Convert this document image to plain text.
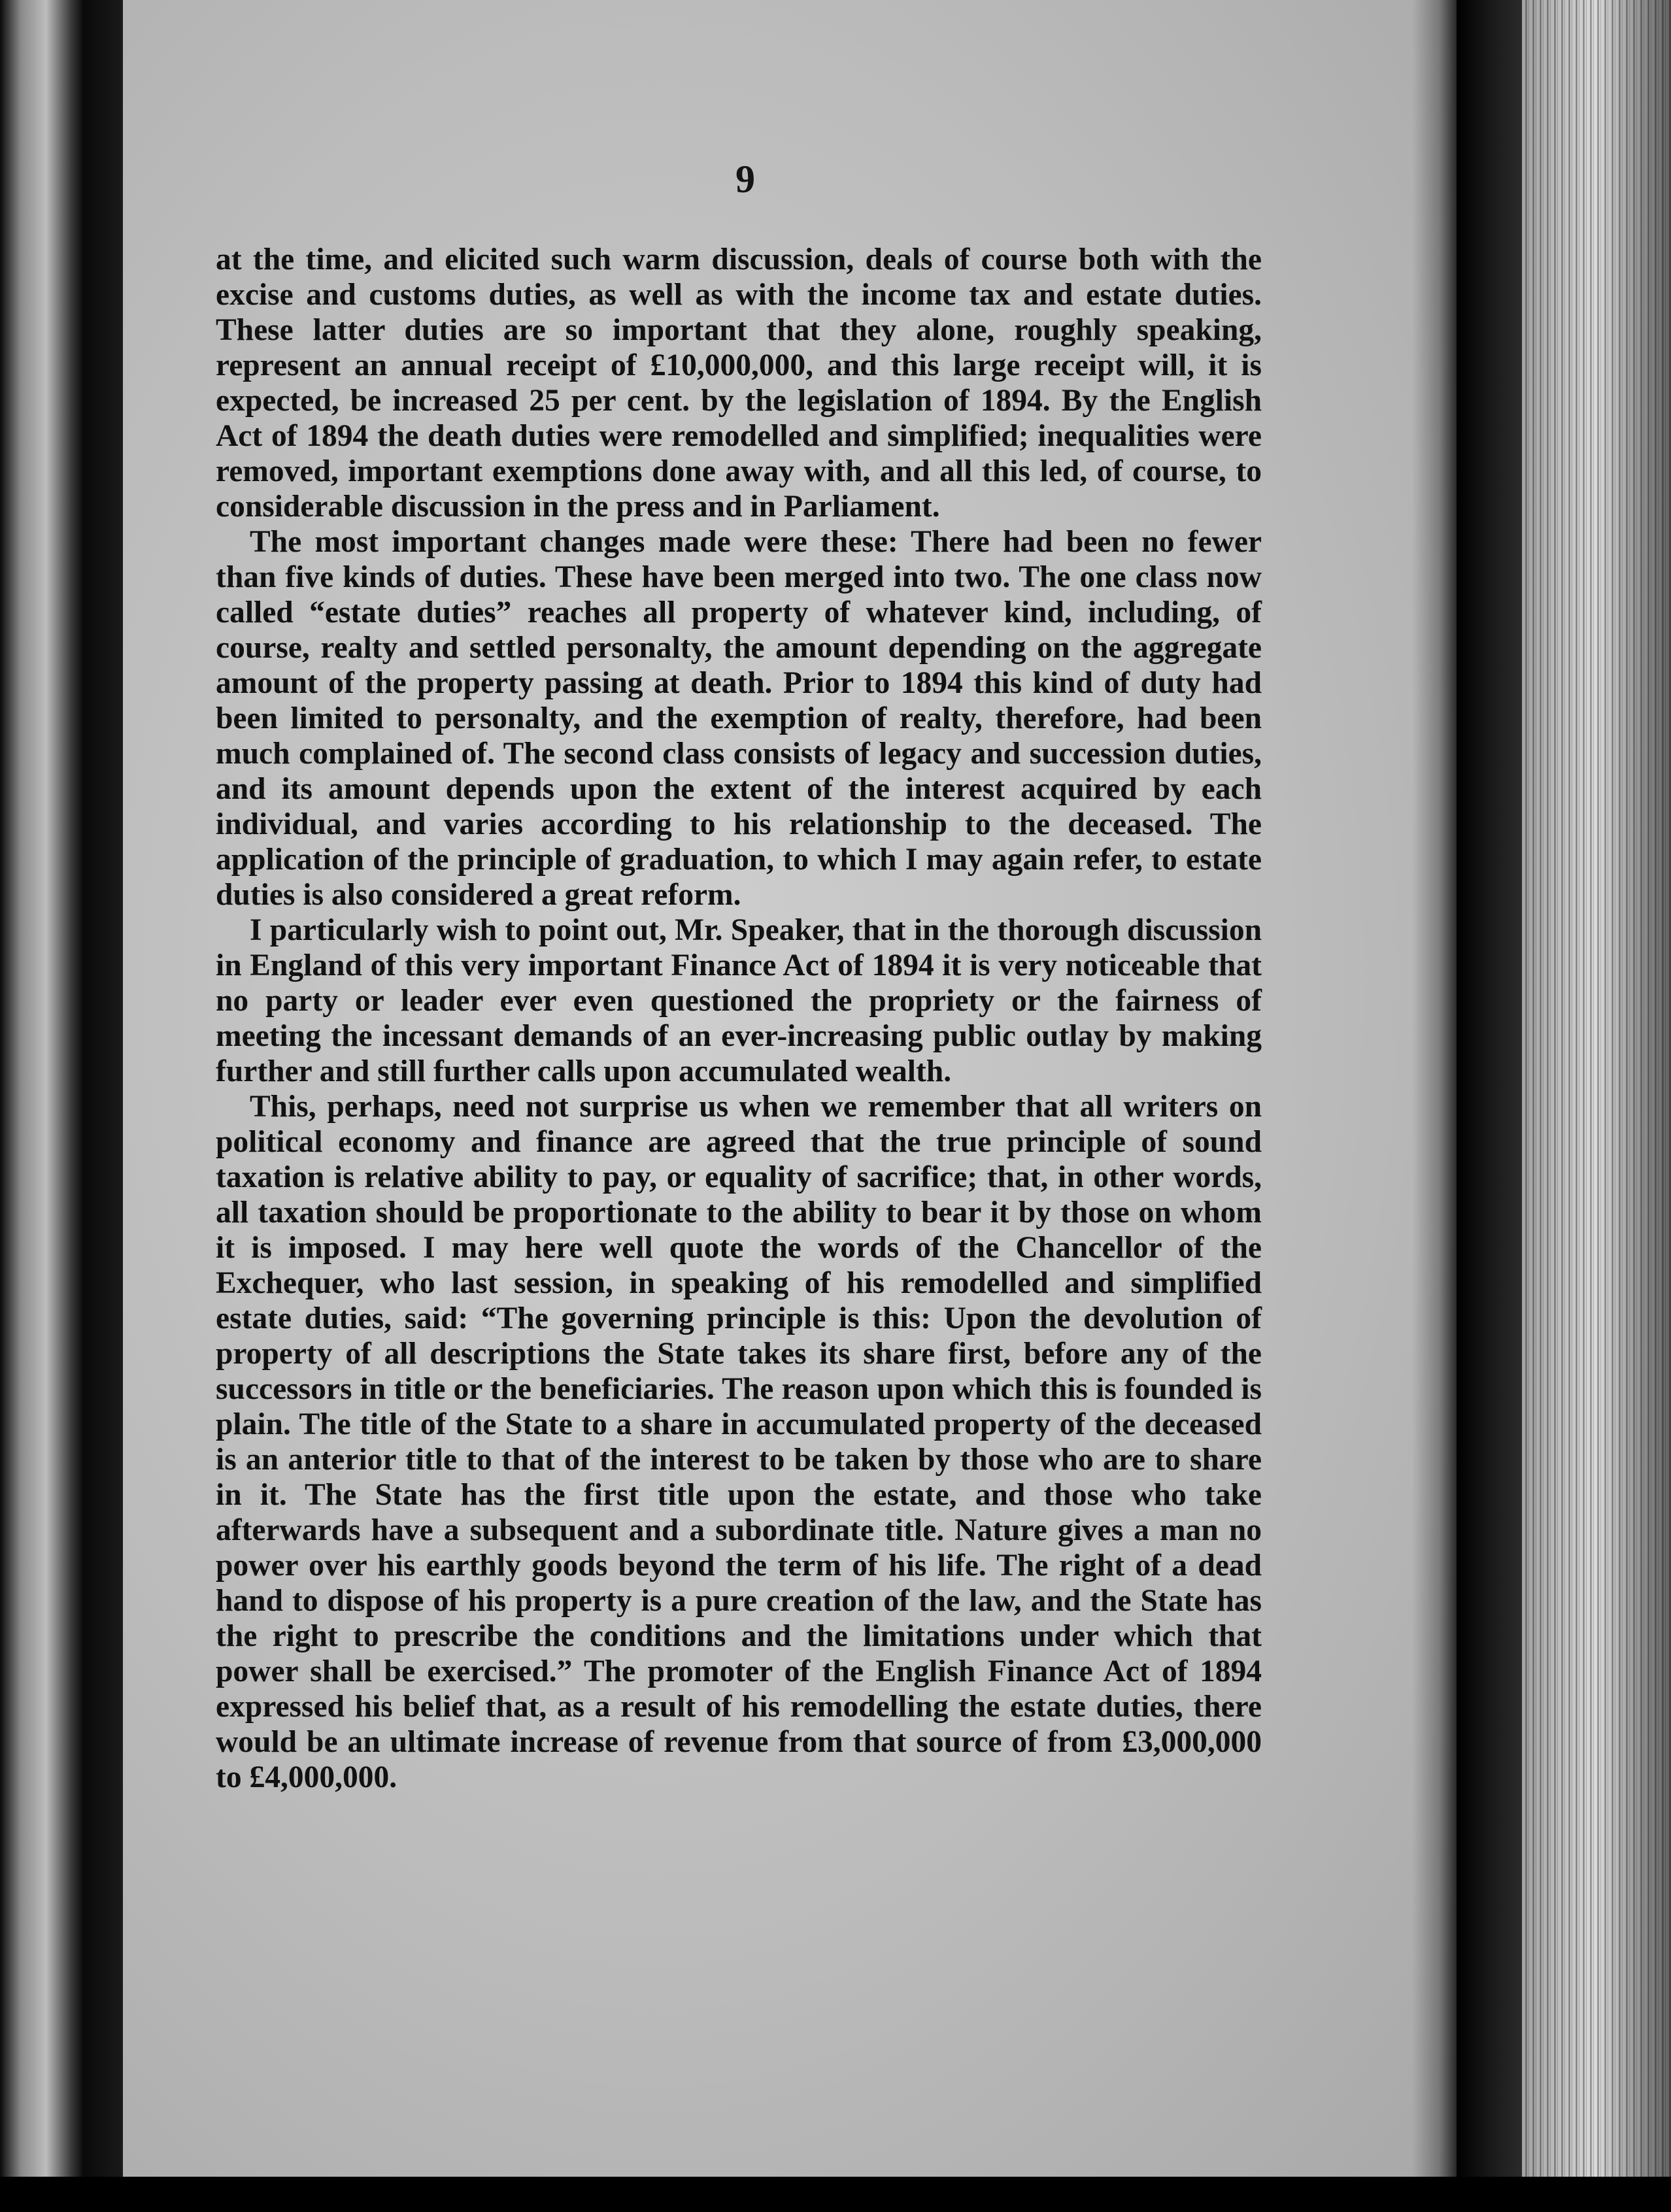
9

at the time, and elicited such warm discussion, deals of course both with the excise and customs duties, as well as with the income tax and estate duties. These latter duties are so important that they alone, roughly speaking, represent an annual receipt of £10,000,000, and this large receipt will, it is expected, be increased 25 per cent. by the legislation of 1894. By the English Act of 1894 the death duties were remodelled and simplified; inequalities were removed, important exemptions done away with, and all this led, of course, to considerable discussion in the press and in Parliament.

The most important changes made were these: There had been no fewer than five kinds of duties. These have been merged into two. The one class now called “estate duties” reaches all property of whatever kind, including, of course, realty and settled personalty, the amount depending on the aggregate amount of the property passing at death. Prior to 1894 this kind of duty had been limited to personalty, and the exemption of realty, therefore, had been much complained of. The second class consists of legacy and succession duties, and its amount depends upon the extent of the interest acquired by each individual, and varies according to his relationship to the deceased. The application of the principle of graduation, to which I may again refer, to estate duties is also considered a great reform.

I particularly wish to point out, Mr. Speaker, that in the thorough discussion in England of this very important Finance Act of 1894 it is very noticeable that no party or leader ever even questioned the propriety or the fairness of meeting the incessant demands of an ever-increasing public outlay by making further and still further calls upon accumulated wealth.

This, perhaps, need not surprise us when we remember that all writers on political economy and finance are agreed that the true principle of sound taxation is relative ability to pay, or equality of sacrifice; that, in other words, all taxation should be proportionate to the ability to bear it by those on whom it is imposed. I may here well quote the words of the Chancellor of the Exchequer, who last session, in speaking of his remodelled and simplified estate duties, said: “The governing principle is this: Upon the devolution of property of all descriptions the State takes its share first, before any of the successors in title or the beneficiaries. The reason upon which this is founded is plain. The title of the State to a share in accumulated property of the deceased is an anterior title to that of the interest to be taken by those who are to share in it. The State has the first title upon the estate, and those who take afterwards have a subsequent and a subordinate title. Nature gives a man no power over his earthly goods beyond the term of his life. The right of a dead hand to dispose of his property is a pure creation of the law, and the State has the right to prescribe the conditions and the limitations under which that power shall be exercised.” The promoter of the English Finance Act of 1894 expressed his belief that, as a result of his remodelling the estate duties, there would be an ultimate increase of revenue from that source of from £3,000,000 to £4,000,000.
